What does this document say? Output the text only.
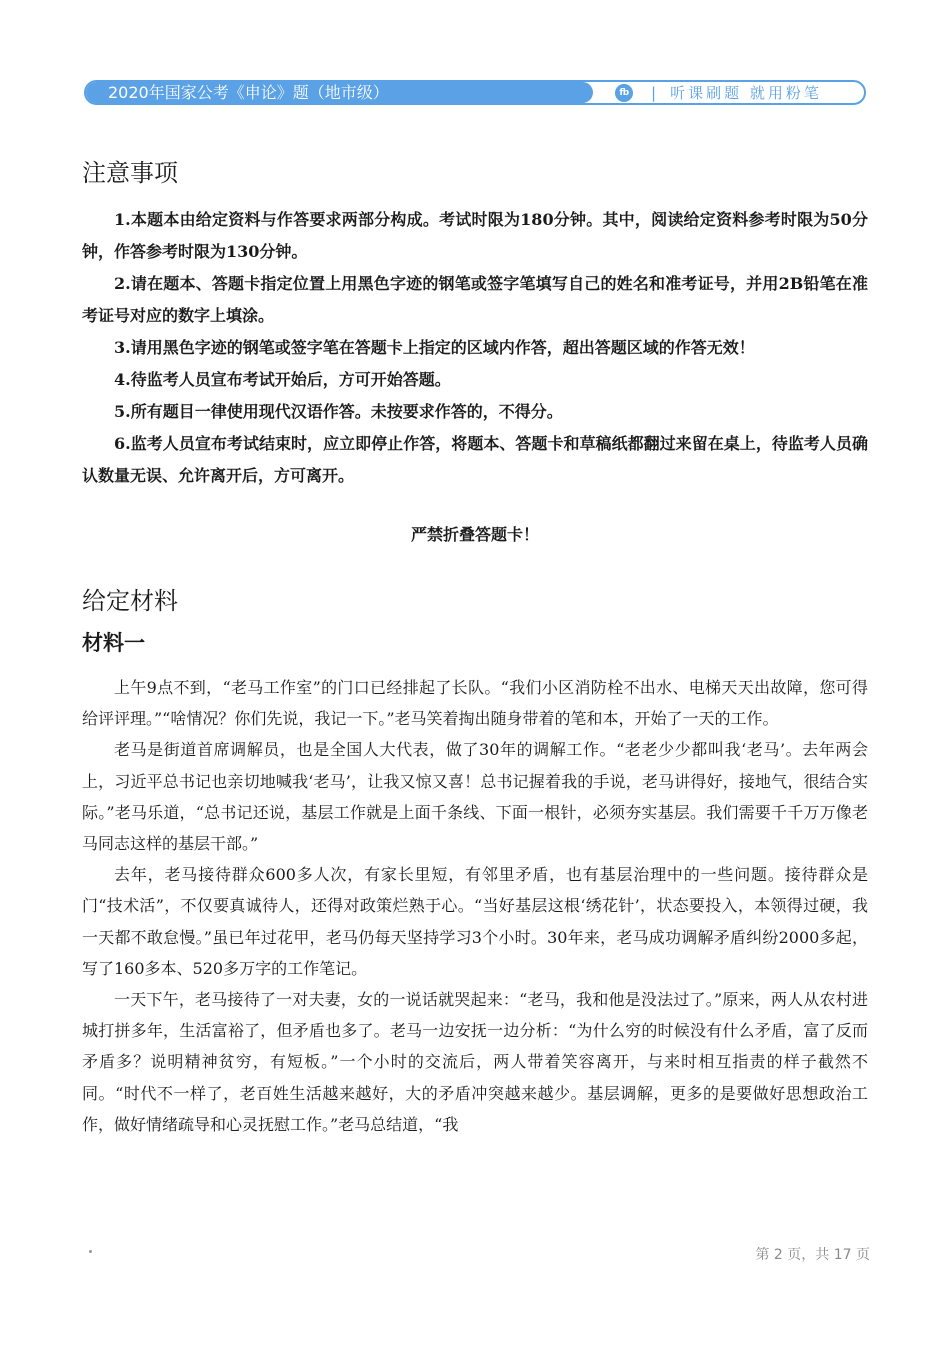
2020年国家公考《申论》题（地市级）	fb | 听课刷题 就用粉笔
注意事项

1.本题本由给定资料与作答要求两部分构成。考试时限为180分钟。其中，阅读给定资料参考时限为50分钟，作答参考时限为130分钟。

2.请在题本、答题卡指定位置上用黑色字迹的钢笔或签字笔填写自己的姓名和准考证号，并用2B铅笔在准考证号对应的数字上填涂。

3.请用黑色字迹的钢笔或签字笔在答题卡上指定的区域内作答，超出答题区域的作答无效！

4.待监考人员宣布考试开始后，方可开始答题。

5.所有题目一律使用现代汉语作答。未按要求作答的，不得分。

6.监考人员宣布考试结束时，应立即停止作答，将题本、答题卡和草稿纸都翻过来留在桌上，待监考人员确认数量无误、允许离开后，方可离开。

严禁折叠答题卡！
给定材料
材料一

上午9点不到，“老马工作室”的门口已经排起了长队。“我们小区消防栓不出水、电梯天天出故障，您可得给评评理。”“啥情况？你们先说，我记一下。”老马笑着掏出随身带着的笔和本，开始了一天的工作。

老马是街道首席调解员，也是全国人大代表，做了30年的调解工作。“老老少少都叫我‘老马’。去年两会上，习近平总书记也亲切地喊我‘老马’，让我又惊又喜！总书记握着我的手说，老马讲得好，接地气，很结合实际。”老马乐道，“总书记还说，基层工作就是上面千条线、下面一根针，必须夯实基层。我们需要千千万万像老马同志这样的基层干部。”

去年，老马接待群众600多人次，有家长里短，有邻里矛盾，也有基层治理中的一些问题。接待群众是门“技术活”，不仅要真诚待人，还得对政策烂熟于心。“当好基层这根‘绣花针’，状态要投入，本领得过硬，我一天都不敢怠慢。”虽已年过花甲，老马仍每天坚持学习3个小时。30年来，老马成功调解矛盾纠纷2000多起，写了160多本、520多万字的工作笔记。

一天下午，老马接待了一对夫妻，女的一说话就哭起来：“老马，我和他是没法过了。”原来，两人从农村进城打拼多年，生活富裕了，但矛盾也多了。老马一边安抚一边分析：“为什么穷的时候没有什么矛盾，富了反而矛盾多？说明精神贫穷，有短板。”一个小时的交流后，两人带着笑容离开，与来时相互指责的样子截然不同。“时代不一样了，老百姓生活越来越好，大的矛盾冲突越来越少。基层调解，更多的是要做好思想政治工作，做好情绪疏导和心灵抚慰工作。”老马总结道，“我

第 2 页，共 17 页
